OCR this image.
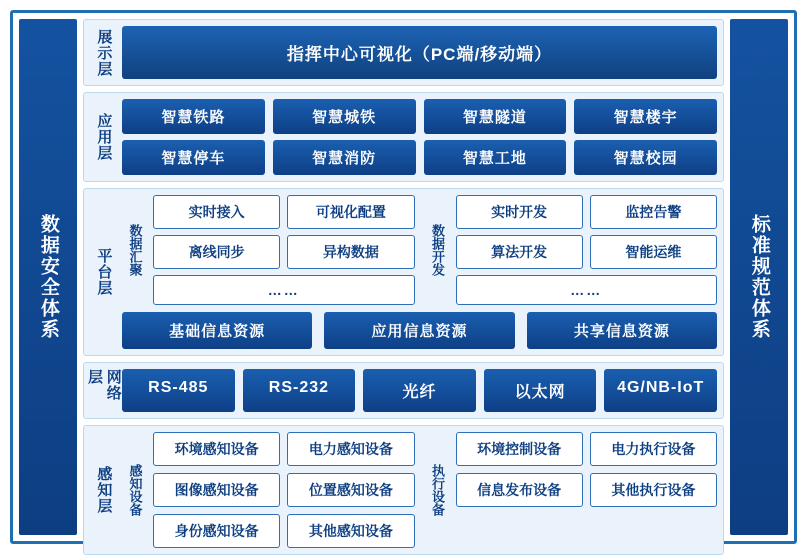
数据安全体系
展示层	指挥中心可视化（PC端/移动端）
应用层	智慧铁路	智慧城铁	智慧隧道	智慧楼宇
智慧停车	智慧消防	智慧工地	智慧校园
平台层	数据汇聚
实时接入	可视化配置
离线同步	异构数据
……
数据开发
实时开发	监控告警
算法开发	智能运维
……
基础信息资源	应用信息资源	共享信息资源
网络层
RS-485	RS-232	光纤	以太网	4G/NB-IoT
感知层	感知设备
环境感知设备	电力感知设备
图像感知设备	位置感知设备
身份感知设备	其他感知设备
执行设备
环境控制设备	电力执行设备
信息发布设备	其他执行设备
标准规范体系
